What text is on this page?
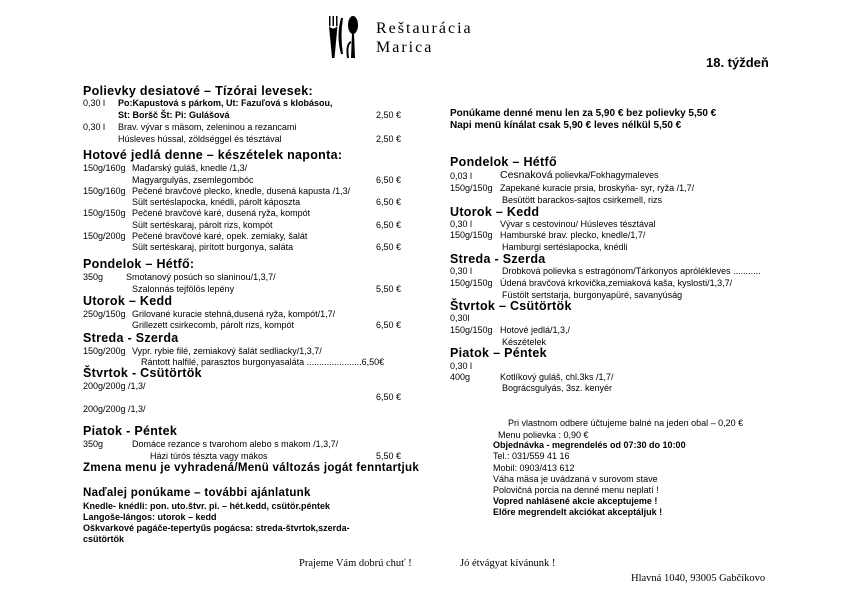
Reštaurácia
Marica
18. týždeň
Polievky desiatové – Tízórai levesek:
0,30 l Po:Kapustová s párkom, Ut: Fazuľová s klobásou,
St: Boršč Št: Pi: Gulášová	2,50 €
0,30 l Brav. vývar s mäsom, zeleninou a rezancami
Húsleves hússal, zöldséggel és tésztával	2,50 €
Hotové jedlá denne – készételek naponta:
150g/160g Maďarský guláš, knedle /1,3/
Magyargulyás, zsemlegombóc	6,50 €
150g/160g Pečené bravčové plecko, knedle, dusená kapusta /1,3/
Sült sertéslapocka, knédli, párolt káposzta	6,50 €
150g/150g Pečené bravčové karé, dusená ryža, kompót
Sült sertéskaraj, párolt rizs, kompót	6,50 €
150g/200g Pečené bravčové karé, opek. zemiaky, šalát
Sült sertéskaraj, pirított burgonya, saláta	6,50 €
Pondelok – Hétfő:
350g	Smotanový posúch so slaninou/1,3,7/
Szalonnás tejfölös lepény	5,50 €
Utorok – Kedd
250g/150g Grilované kuracie stehná,dusená ryža, kompót/1,7/
Grillezett csirkecomb, párolt rizs, kompót	6,50 €
Streda - Szerda
150g/200g Vypr. rybie filé, zemiakový šalát sedliacky/1,3,7/
Rántott halfilé, parasztos burgonyasaláta ......................6,50€
Štvrtok - Csütörtök
200g/200g /1,3/
6,50 €
200g/200g /1,3/
Piatok - Péntek
350g	Domáce rezance s tvarohom alebo s makom /1,3,7/
Házi túrós tészta vagy mákos	5,50 €
Zmena menu je vyhradená/Menü változás jogát fenntartjuk
Naďalej ponúkame – további ajánlatunk
Knedle- knédli: pon. uto.štvr. pi. – hét.kedd, csütör.péntek
Langoše-lángos: utorok – kedd
Oškvarkové pagáče-tepertyűs pogácsa: streda-štvrtok,szerda-
csütörtök
Ponúkame denné menu len za 5,90 € bez polievky 5,50 €
Napi menü kínálat csak 5,90 € leves nélkül 5,50 €
Pondelok – Hétfő
0,03 l	Cesnaková polievka/Fokhagymaleves
150g/150g Zapekané kuracie prsia, broskyňa- syr, ryža /1,7/
Besütött barackos-sajtos csirkemell, rizs
Utorok – Kedd
0,30 l	Vývar s cestovinou/ Húsleves tésztával
150g/150g Hamburské brav. plecko, knedle/1,7/
Hamburgi sertéslapocka, knédli
Streda - Szerda
0,30 l	Drobková polievka s estragónom/Tárkonyos aprólékleves ...........
150g/150g Údená bravčová krkovička,zemiaková kaša, kyslosti/1,3,7/
Füstölt sertstarja, burgonyapüré, savanyúság
Štvrtok – Csütörtök
0,30l
150g/150g Hotové jedlá/1,3,/
Készételek
Piatok – Péntek
0,30 l
400g	Kotlíkový guláš, chl.3ks /1,7/
Bográcsgulyás, 3sz. kenyér
Pri vlastnom odbere účtujeme balné na jeden obal – 0,20 €
Menu polievka : 0,90 €
Objednávka - megrendelés od 07:30 do 10:00
Tel.: 031/559 41 16
Mobil: 0903/413 612
Váha mäsa je uvádzaná v surovom stave
Polovičná porcia na denné menu neplatí !
Vopred nahlásené akcie akceptujeme !
Előre megrendelt akciókat akceptáljuk !
Prajeme Vám dobrú chuť !	Jó étvágyat kívánunk !
Hlavná 1040, 93005 Gabčíkovo
